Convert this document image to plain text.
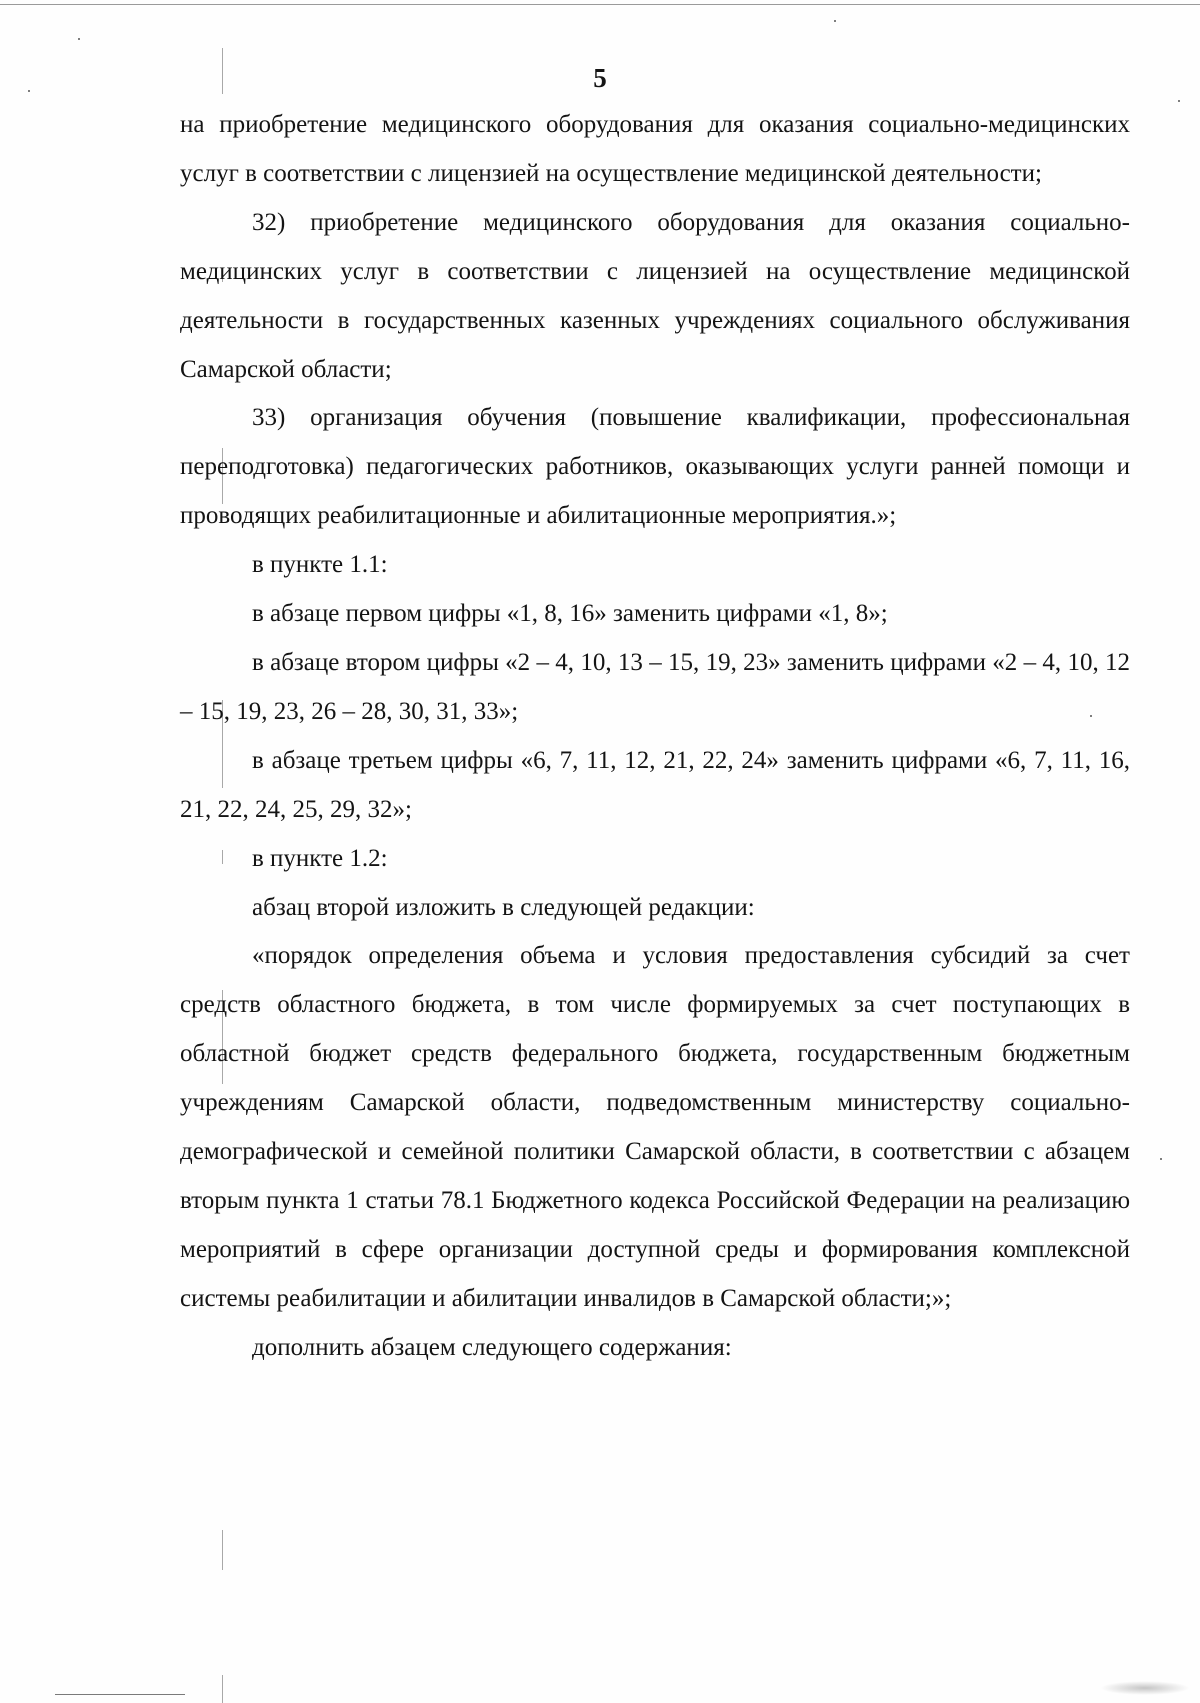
5

на приобретение медицинского оборудования для оказания социально-медицинских услуг в соответствии с лицензией на осуществление медицинской деятельности;

32) приобретение медицинского оборудования для оказания социально-медицинских услуг в соответствии с лицензией на осуществление медицинской деятельности в государственных казенных учреждениях социального обслуживания Самарской области;

33) организация обучения (повышение квалификации, профессиональная переподготовка) педагогических работников, оказывающих услуги ранней помощи и проводящих реабилитационные и абилитационные мероприятия.»;

в пункте 1.1:

в абзаце первом цифры «1, 8, 16» заменить цифрами «1, 8»;

в абзаце втором цифры «2 – 4, 10, 13 – 15, 19, 23» заменить цифрами «2 – 4, 10, 12 – 15, 19, 23, 26 – 28, 30, 31, 33»;

в абзаце третьем цифры «6, 7, 11, 12, 21, 22, 24» заменить цифрами «6, 7, 11, 16, 21, 22, 24, 25, 29, 32»;

в пункте 1.2:

абзац второй изложить в следующей редакции:

«порядок определения объема и условия предоставления субсидий за счет средств областного бюджета, в том числе формируемых за счет поступающих в областной бюджет средств федерального бюджета, государственным бюджетным учреждениям Самарской области, подведомственным министерству социально-демографической и семейной политики Самарской области, в соответствии с абзацем вторым пункта 1 статьи 78.1 Бюджетного кодекса Российской Федерации на реализацию мероприятий в сфере организации доступной среды и формирования комплексной системы реабилитации и абилитации инвалидов в Самарской области;»;

дополнить абзацем следующего содержания:
